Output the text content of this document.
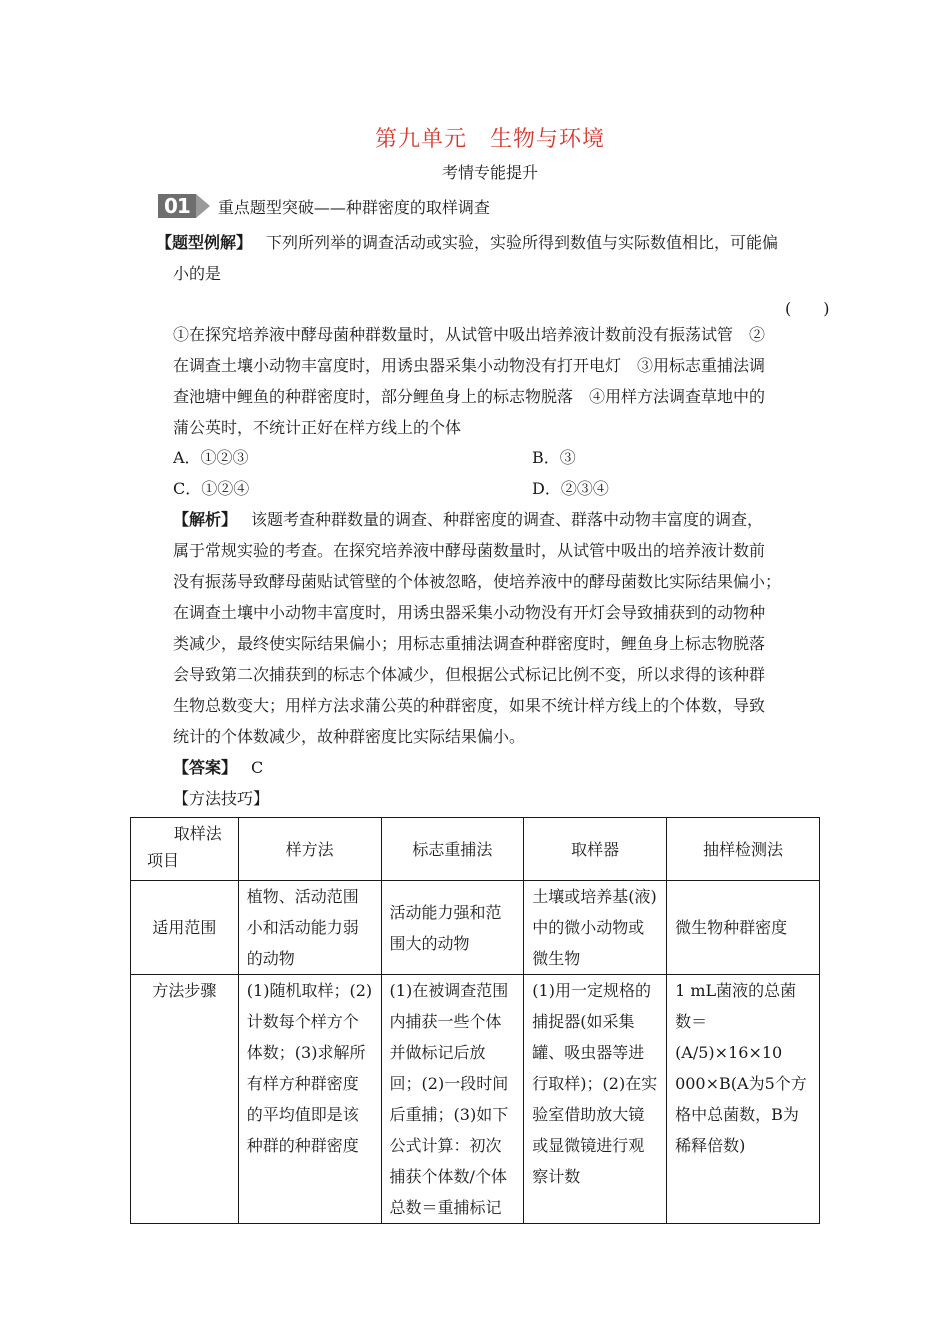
第九单元　生物与环境
考情专能提升
01	重点题型突破——种群密度的取样调查
【题型例解】 下列所列举的调查活动或实验，实验所得到数值与实际数值相比，可能偏
小的是
(　　)
①在探究培养液中酵母菌种群数量时，从试管中吸出培养液计数前没有振荡试管　②
在调查土壤小动物丰富度时，用诱虫器采集小动物没有打开电灯　③用标志重捕法调
查池塘中鲤鱼的种群密度时，部分鲤鱼身上的标志物脱落　④用样方法调查草地中的
蒲公英时，不统计正好在样方线上的个体
A．①②③	B．③
C．①②④	D．②③④
【解析】 该题考查种群数量的调查、种群密度的调查、群落中动物丰富度的调查，
属于常规实验的考查。在探究培养液中酵母菌数量时，从试管中吸出的培养液计数前
没有振荡导致酵母菌贴试管壁的个体被忽略，使培养液中的酵母菌数比实际结果偏小；
在调查土壤中小动物丰富度时，用诱虫器采集小动物没有开灯会导致捕获到的动物种
类减少，最终使实际结果偏小；用标志重捕法调查种群密度时，鲤鱼身上标志物脱落
会导致第二次捕获到的标志个体减少，但根据公式标记比例不变，所以求得的该种群
生物总数变大；用样方法求蒲公英的种群密度，如果不统计样方线上的个体数，导致
统计的个体数减少，故种群密度比实际结果偏小。
【答案】 C
【方法技巧】
取样法
项目	样方法	标志重捕法	取样器	抽样检测法
适用范围	植物、活动范围小和活动能力弱的动物	活动能力强和范围大的动物	土壤或培养基(液)中的微小动物或微生物	微生物种群密度
方法步骤	(1)随机取样；(2)计数每个样方个体数；(3)求解所有样方种群密度的平均值即是该种群的种群密度	(1)在被调查范围内捕获一些个体并做标记后放回；(2)一段时间后重捕；(3)如下公式计算：初次捕获个体数/个体总数＝重捕标记	(1)用一定规格的捕捉器(如采集罐、吸虫器等进行取样)；(2)在实验室借助放大镜或显微镜进行观察计数	1 mL菌液的总菌数＝(A/5)×16×10 000×B(A为5个方格中总菌数，B为稀释倍数)
